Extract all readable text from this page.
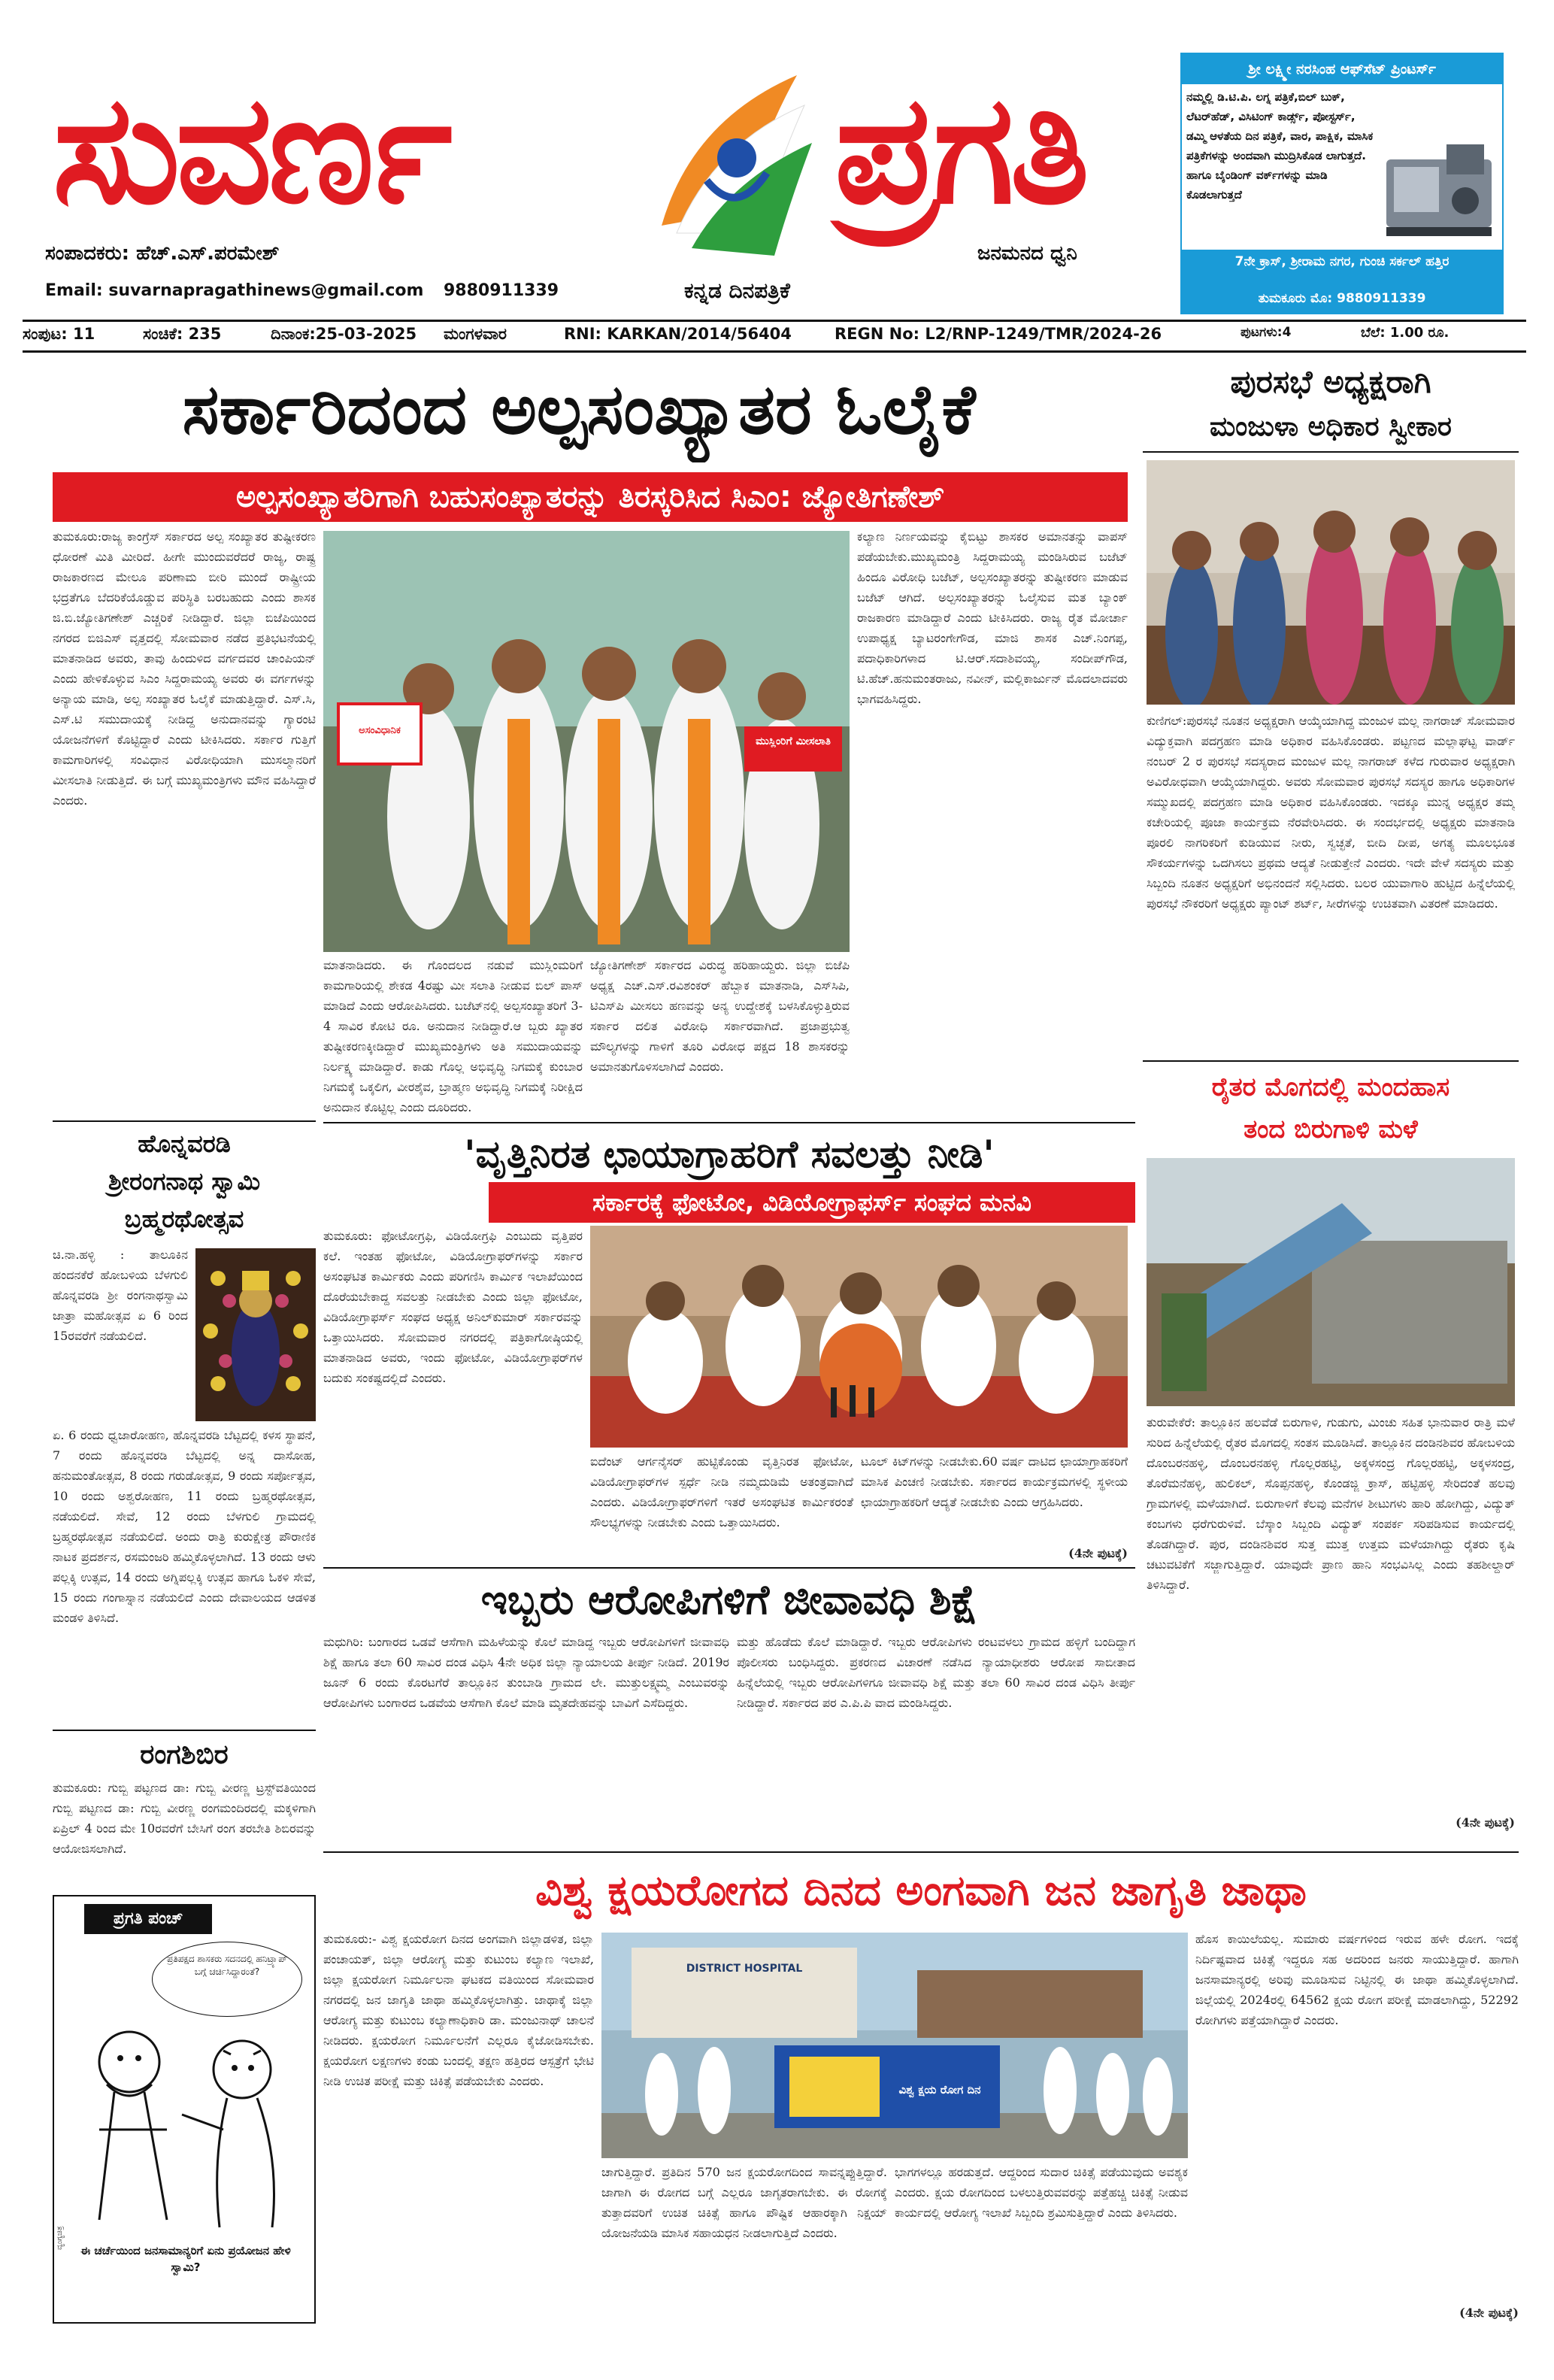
ಸುವರ್ಣ	ಪ್ರಗತಿ
ಸಂಪಾದಕರು: ಹೆಚ್.ಎಸ್.ಪರಮೇಶ್	ಜನಮನದ ಧ್ವನಿ
Email: suvarnapragathinews@gmail.com 9880911339	ಕನ್ನಡ ದಿನಪತ್ರಿಕೆ
ಶ್ರೀ ಲಕ್ಷ್ಮೀ ನರಸಿಂಹ ಆಫ್‌ಸೆಟ್ ಪ್ರಿಂಟರ್ಸ್
ನಮ್ಮಲ್ಲಿ ಡಿ.ಟಿ.ಪಿ. ಲಗ್ನ ಪತ್ರಿಕೆ,ಬಿಲ್ ಬುಕ್, ಲೆಟರ್‌ಹೆಡ್, ವಿಸಿಟಿಂಗ್ ಕಾರ್ಡ್ಸ್, ಪೋಸ್ಟರ್ಸ್, ಡಮ್ಮಿ ಆಳತೆಯ ದಿನ ಪತ್ರಿಕೆ, ವಾರ, ಪಾಕ್ಷಿಕ, ಮಾಸಿಕ ಪತ್ರಿಕೆಗಳನ್ನು ಅಂದವಾಗಿ ಮುದ್ರಿಸಿಕೊಡ ಲಾಗುತ್ತದೆ. ಹಾಗೂ ಬೈಂಡಿಂಗ್ ವರ್ಕ್‌ಗಳನ್ನು ಮಾಡಿ ಕೊಡಲಾಗುತ್ತದೆ
7ನೇ ಕ್ರಾಸ್, ಶ್ರೀರಾಮ ನಗರ, ಗುಂಚಿ ಸರ್ಕಲ್ ಹತ್ತಿರ
ತುಮಕೂರು ಮೊ: 9880911339
ಸಂಪುಟ: 11	ಸಂಚಿಕೆ: 235	ದಿನಾಂಕ:25-03-2025 ಮಂಗಳವಾರ	RNI: KARKAN/2014/56404	REGN No: L2/RNP-1249/TMR/2024-26	ಪುಟಗಳು:4	ಬೆಲೆ: 1.00 ರೂ.
ಸರ್ಕಾರಿದಂದ ಅಲ್ಪಸಂಖ್ಯಾತರ ಓಲೈಕೆ
ಅಲ್ಪಸಂಖ್ಯಾತರಿಗಾಗಿ ಬಹುಸಂಖ್ಯಾತರನ್ನು ತಿರಸ್ಕರಿಸಿದ ಸಿಎಂ: ಜ್ಯೋತಿಗಣೇಶ್
ತುಮಕೂರು:ರಾಜ್ಯ ಕಾಂಗ್ರೆಸ್ ಸರ್ಕಾರದ ಅಲ್ಪ ಸಂಖ್ಯಾತರ ತುಷ್ಟೀಕರಣ ಧೋರಣೆ ಮಿತಿ ಮೀರಿದೆ. ಹೀಗೇ ಮುಂದುವರೆದರೆ ರಾಜ್ಯ, ರಾಷ್ಟ್ರ ರಾಜಕಾರಣದ ಮೇಲೂ ಪರಿಣಾಮ ಬೀರಿ ಮುಂದೆ ರಾಷ್ಟ್ರೀಯ ಭದ್ರತೆಗೂ ಬೆದರಿಕೆಯೊಡ್ಡುವ ಪರಿಸ್ಥಿತಿ ಬರಬಹುದು ಎಂದು ಶಾಸಕ ಜಿ.ಬಿ.ಜ್ಯೋತಿಗಣೇಶ್ ಎಚ್ಚರಿಕೆ ನೀಡಿದ್ದಾರೆ. ಜಿಲ್ಲಾ ಬಿಜೆಪಿಯಿಂದ ನಗರದ ಬಿಜಿಎಸ್ ವೃತ್ತದಲ್ಲಿ ಸೋಮವಾರ ನಡೆದ ಪ್ರತಿಭಟನೆಯಲ್ಲಿ ಮಾತನಾಡಿದ ಅವರು, ತಾವು ಹಿಂದುಳಿದ ವರ್ಗದವರ ಚಾಂಪಿಯನ್ ಎಂದು ಹೇಳಿಕೊಳ್ಳುವ ಸಿಎಂ ಸಿದ್ದರಾಮಯ್ಯ ಅವರು ಈ ವರ್ಗಗಳನ್ನು ಅನ್ಯಾಯ ಮಾಡಿ, ಅಲ್ಪ ಸಂಖ್ಯಾತರ ಓಲೈಕೆ ಮಾಡುತ್ತಿದ್ದಾರೆ. ಎಸ್.ಸಿ, ಎಸ್.ಟಿ ಸಮುದಾಯಕ್ಕೆ ನೀಡಿದ್ದ ಅನುದಾನವನ್ನು ಗ್ಯಾರಂಟಿ ಯೋಜನೆಗಳಿಗೆ ಕೊಟ್ಟಿದ್ದಾರೆ ಎಂದು ಟೀಕಿಸಿದರು. ಸರ್ಕಾರ ಗುತ್ತಿಗೆ ಕಾಮಗಾರಿಗಳಲ್ಲಿ ಸಂವಿಧಾನ ವಿರೋಧಿಯಾಗಿ ಮುಸಲ್ಮಾನರಿಗೆ ಮೀಸಲಾತಿ ನೀಡುತ್ತಿದೆ. ಈ ಬಗ್ಗೆ ಮುಖ್ಯಮಂತ್ರಿಗಳು ಮೌನ ವಹಿಸಿದ್ದಾರೆ ಎಂದರು.
ಮುಸ್ಲಿಂರಿಗೆ ಮೀಸಲಾತಿ
ಅಸಂವಿಧಾನಿಕ
ಮಾತನಾಡಿದರು. ಈ ಗೊಂದಲದ ನಡುವೆ ಮುಸ್ಲಿಂಮರಿಗೆ ಕಾಮಗಾರಿಯಲ್ಲಿ ಶೇಕಡ 4ರಷ್ಟು ಮೀ ಸಲಾತಿ ನೀಡುವ ಬಿಲ್ ಪಾಸ್ ಮಾಡಿದೆ ಎಂದು ಆರೋಪಿಸಿದರು. ಬಜೆಟ್‌ನಲ್ಲಿ ಅಲ್ಪಸಂಖ್ಯಾತರಿಗೆ 3-4 ಸಾವಿರ ಕೋಟಿ ರೂ. ಅನುದಾನ ನೀಡಿದ್ದಾರೆ.ಆ ಬ್ಬರು ಖ್ಯಾತರ ತುಷ್ಟೀಕರಣಕ್ಕೀಡಿದ್ದಾರೆ ಮುಖ್ಯಮಂತ್ರಿಗಳು ಅತಿ ಸಮುದಾಯವನ್ನು ನಿರ್ಲಕ್ಷ್ಯ ಮಾಡಿದ್ದಾರೆ. ಕಾಡು ಗೊಲ್ಲ ಅಭಿವೃದ್ಧಿ ನಿಗಮಕ್ಕೆ ಕುಂಬಾರ ನಿಗಮಕ್ಕೆ ಒಕ್ಕಲಿಗ, ವೀರಶೈವ, ಬ್ರಾಹ್ಮಣ ಅಭಿವೃದ್ಧಿ ನಿಗಮಕ್ಕೆ ನಿರೀಕ್ಷಿದ ಅನುದಾನ ಕೊಟ್ಟಿಲ್ಲ ಎಂದು ದೂರಿದರು.
ಜ್ಯೋತಿಗಣೇಶ್ ಸರ್ಕಾರದ ವಿರುದ್ಧ ಹರಿಹಾಯ್ದರು. ಜಿಲ್ಲಾ ಬಿಜೆಪಿ ಅಧ್ಯಕ್ಷ ಎಚ್.ಎಸ್.ರವಿಶಂಕರ್ ಹೆಬ್ಬಾಕ ಮಾತನಾಡಿ, ಎಸ್‌ಸಿಪಿ, ಟಿಎಸ್‌ಪಿ ಮೀಸಲು ಹಣವನ್ನು ಅನ್ಯ ಉದ್ದೇಶಕ್ಕೆ ಬಳಸಿಕೊಳ್ಳುತ್ತಿರುವ ಸರ್ಕಾರ ದಲಿತ ವಿರೋಧಿ ಸರ್ಕಾರವಾಗಿದೆ. ಪ್ರಜಾಪ್ರಭುತ್ವ ಮೌಲ್ಯಗಳನ್ನು ಗಾಳಿಗೆ ತೂರಿ ವಿರೋಧ ಪಕ್ಷದ 18 ಶಾಸಕರನ್ನು ಅಮಾನತುಗೊಳಿಸಲಾಗಿದೆ ಎಂದರು.
ಕಲ್ಯಾಣ ನಿರ್ಣಯವನ್ನು ಕೈಬಿಟ್ಟು ಶಾಸಕರ ಅಮಾನತನ್ನು ವಾಪಸ್ ಪಡೆಯಬೇಕು.ಮುಖ್ಯಮಂತ್ರಿ ಸಿದ್ದರಾಮಯ್ಯ ಮಂಡಿಸಿರುವ ಬಜೆಟ್ ಹಿಂದೂ ವಿರೋಧಿ ಬಜೆಟ್, ಅಲ್ಪಸಂಖ್ಯಾತರನ್ನು ತುಷ್ಟೀಕರಣ ಮಾಡುವ ಬಜೆಟ್ ಆಗಿದೆ. ಅಲ್ಪಸಂಖ್ಯಾತರನ್ನು ಓಲೈಸುವ ಮತ ಬ್ಯಾಂಕ್ ರಾಜಕಾರಣ ಮಾಡಿದ್ದಾರೆ ಎಂದು ಟೀಕಿಸಿದರು. ರಾಜ್ಯ ರೈತ ಮೋರ್ಚಾ ಉಪಾಧ್ಯಕ್ಷ ಬ್ಯಾಟರಂಗೇಗೌಡ, ಮಾಜಿ ಶಾಸಕ ಎಚ್.ನಿಂಗಪ್ಪ, ಪದಾಧಿಕಾರಿಗಳಾದ ಟಿ.ಆರ್.ಸದಾಶಿವಯ್ಯ, ಸಂದೀಪ್‌ಗೌಡ, ಟಿ.ಹೆಚ್.ಹನುಮಂತರಾಜು, ನವೀನ್, ಮಲ್ಲಿಕಾರ್ಜುನ್ ಮೊದಲಾದವರು ಭಾಗವಹಿಸಿದ್ದರು.
ಪುರಸಭೆ ಅಧ್ಯಕ್ಷರಾಗಿ
ಮಂಜುಳಾ ಅಧಿಕಾರ ಸ್ವೀಕಾರ
ಕುಣಿಗಲ್:ಪುರಸಭೆ ನೂತನ ಅಧ್ಯಕ್ಷರಾಗಿ ಆಯ್ಕೆಯಾಗಿದ್ದ ಮಂಜುಳ ಮಲ್ಲ ನಾಗರಾಜ್ ಸೋಮವಾರ ವಿದ್ಯುಕ್ತವಾಗಿ ಪದಗ್ರಹಣ ಮಾಡಿ ಅಧಿಕಾರ ವಹಿಸಿಕೊಂಡರು. ಪಟ್ಟಣದ ಮಲ್ಲಾಘಟ್ಟ ವಾರ್ಡ್ ನಂಬರ್ 2 ರ ಪುರಸಭೆ ಸದಸ್ಯರಾದ ಮಂಜುಳ ಮಲ್ಲ ನಾಗರಾಜ್ ಕಳೆದ ಗುರುವಾರ ಅಧ್ಯಕ್ಷರಾಗಿ ಅವಿರೋಧವಾಗಿ ಆಯ್ಕೆಯಾಗಿದ್ದರು. ಅವರು ಸೋಮವಾರ ಪುರಸಭೆ ಸದಸ್ಯರ ಹಾಗೂ ಅಧಿಕಾರಿಗಳ ಸಮ್ಮುಖದಲ್ಲಿ ಪದಗ್ರಹಣ ಮಾಡಿ ಅಧಿಕಾರ ವಹಿಸಿಕೊಂಡರು. ಇದಕ್ಕೂ ಮುನ್ನ ಅಧ್ಯಕ್ಷರ ತಮ್ಮ ಕಚೇರಿಯಲ್ಲಿ ಪೂಜಾ ಕಾರ್ಯಕ್ರಮ ನೆರವೇರಿಸಿದರು. ಈ ಸಂದರ್ಭದಲ್ಲಿ ಅಧ್ಯಕ್ಷರು ಮಾತನಾಡಿ ಪೂರಲಿ ನಾಗರಿಕರಿಗೆ ಕುಡಿಯುವ ನೀರು, ಸ್ವಚ್ಛತೆ, ಬೀದಿ ದೀಪ, ಅಗತ್ಯ ಮೂಲಭೂತ ಸೌಕರ್ಯಗಳನ್ನು ಒದಗಿಸಲು ಪ್ರಥಮ ಆದ್ಯತೆ ನೀಡುತ್ತೇನೆ ಎಂದರು. ಇದೇ ವೇಳೆ ಸದಸ್ಯರು ಮತ್ತು ಸಿಬ್ಬಂದಿ ನೂತನ ಅಧ್ಯಕ್ಷರಿಗೆ ಅಭಿನಂದನೆ ಸಲ್ಲಿಸಿದರು. ಬಲರ ಯುವಾಗಾರಿ ಹುಟ್ಟಿದ ಹಿನ್ನೆಲೆಯಲ್ಲಿ ಪುರಸಭೆ ನೌಕರರಿಗೆ ಅಧ್ಯಕ್ಷರು ಪ್ಯಾಂಟ್ ಶರ್ಟ್, ಸೀರೆಗಳನ್ನು ಉಚಿತವಾಗಿ ವಿತರಣೆ ಮಾಡಿದರು.
ರೈತರ ಮೊಗದಲ್ಲಿ ಮಂದಹಾಸ
ತಂದ ಬಿರುಗಾಳಿ ಮಳೆ
ತುರುವೇಕೆರೆ: ತಾಲ್ಲೂಕಿನ ಹಲವೆಡೆ ಬಿರುಗಾಳಿ, ಗುಡುಗು, ಮಿಂಚು ಸಹಿತ ಭಾನುವಾರ ರಾತ್ರಿ ಮಳೆ ಸುರಿದ ಹಿನ್ನೆಲೆಯಲ್ಲಿ ರೈತರ ಮೊಗದಲ್ಲಿ ಸಂತಸ ಮೂಡಿಸಿದೆ. ತಾಲ್ಲೂಕಿನ ದಂಡಿನಶಿವರ ಹೋಬಳಿಯ ದೊಂಬರನಹಳ್ಳಿ, ದೊಂಬರನಹಳ್ಳಿ ಗೊಲ್ಲರಹಟ್ಟಿ, ಅಕ್ಕಳಸಂದ್ರ ಗೊಲ್ಲರಹಟ್ಟಿ, ಅಕ್ಕಳಸಂದ್ರ, ತೊರೆಮನೆಹಳ್ಳಿ, ಹುಲಿಕಲ್, ಸೊಪ್ಪನಹಳ್ಳಿ, ಕೊಂಡಜ್ಜಿ ಕ್ರಾಸ್, ಹಟ್ಟಿಹಳ್ಳಿ ಸೇರಿದಂತೆ ಹಲವು ಗ್ರಾಮಗಳಲ್ಲಿ ಮಳೆಯಾಗಿದೆ. ಬಿರುಗಾಳಿಗೆ ಕೆಲವು ಮನೆಗಳ ಶೀಟುಗಳು ಹಾರಿ ಹೋಗಿದ್ದು, ವಿದ್ಯುತ್ ಕಂಬಗಳು ಧರೆಗುರುಳಿವೆ. ಬೆಸ್ಕಾಂ ಸಿಬ್ಬಂದಿ ವಿದ್ಯುತ್ ಸಂಪರ್ಕ ಸರಿಪಡಿಸುವ ಕಾರ್ಯದಲ್ಲಿ ತೊಡಗಿದ್ದಾರೆ. ಪುರ, ದಂಡಿನಶಿವರ ಸುತ್ತ ಮುತ್ತ ಉತ್ತಮ ಮಳೆಯಾಗಿದ್ದು ರೈತರು ಕೃಷಿ ಚಟುವಟಿಕೆಗೆ ಸಜ್ಜಾಗುತ್ತಿದ್ದಾರೆ. ಯಾವುದೇ ಪ್ರಾಣ ಹಾನಿ ಸಂಭವಿಸಿಲ್ಲ ಎಂದು ತಹಶೀಲ್ದಾರ್ ತಿಳಿಸಿದ್ದಾರೆ.
(4ನೇ ಪುಟಕ್ಕೆ)
ಹೊನ್ನವರಡಿ
ಶ್ರೀರಂಗನಾಥ ಸ್ವಾಮಿ
ಬ್ರಹ್ಮರಥೋತ್ಸವ
ಚಿ.ನಾ.ಹಳ್ಳಿ : ತಾಲೂಕಿನ ಹಂದನಕೆರೆ ಹೋಬಳಿಯ ಬೆಳಗುಲಿ ಹೊನ್ನವರಡಿ ಶ್ರೀ ರಂಗನಾಥಸ್ವಾಮಿ ಜಾತ್ರಾ ಮಹೋತ್ಸವ ಏ 6 ರಿಂದ 15ರವರೆಗೆ ನಡೆಯಲಿದೆ.
ಏ. 6 ರಂದು ಧ್ವಜಾರೋಹಣ, ಹೊನ್ನವರಡಿ ಬೆಟ್ಟದಲ್ಲಿ ಕಳಸ ಸ್ಥಾಪನೆ, 7 ರಂದು ಹೊನ್ನವರಡಿ ಬೆಟ್ಟದಲ್ಲಿ ಅನ್ನ ದಾಸೋಹ, ಹನುಮಂತೋತ್ಸವ, 8 ರಂದು ಗರುಡೋತ್ಸವ, 9 ರಂದು ಸರ್ಪೋತ್ಸವ, 10 ರಂದು ಅಶ್ವರೋಹಣ, 11 ರಂದು ಬ್ರಹ್ಮರಥೋತ್ಸವ, ನಡೆಯಲಿದೆ. ಸೇವೆ, 12 ರಂದು ಬೆಳಗುಲಿ ಗ್ರಾಮದಲ್ಲಿ ಬ್ರಹ್ಮರಥೋತ್ಸವ ನಡೆಯಲಿದೆ. ಅಂದು ರಾತ್ರಿ ಕುರುಕ್ಷೇತ್ರ ಪೌರಾಣಿಕ ನಾಟಕ ಪ್ರದರ್ಶನ, ರಸಮಂಜರಿ ಹಮ್ಮಿಕೊಳ್ಳಲಾಗಿದೆ. 13 ರಂದು ಆಳು ಪಲ್ಲಕ್ಕಿ ಉತ್ಸವ, 14 ರಂದು ಅಗ್ನಿಪಲ್ಲಕ್ಕಿ ಉತ್ಸವ ಹಾಗೂ ಓಕಳಿ ಸೇವೆ, 15 ರಂದು ಗಂಗಾಸ್ನಾನ ನಡೆಯಲಿದೆ ಎಂದು ದೇವಾಲಯದ ಆಡಳಿತ ಮಂಡಳಿ ತಿಳಿಸಿದೆ.
ರಂಗಶಿಬಿರ
ತುಮಕೂರು: ಗುಬ್ಬಿ ಪಟ್ಟಣದ ಡಾ: ಗುಬ್ಬಿ ವೀರಣ್ಣ ಟ್ರಸ್ಟ್‌ವತಿಯಿಂದ ಗುಬ್ಬಿ ಪಟ್ಟಣದ ಡಾ: ಗುಬ್ಬಿ ವೀರಣ್ಣ ರಂಗಮಂದಿರದಲ್ಲಿ ಮಕ್ಕಳಿಗಾಗಿ ಏಪ್ರಿಲ್ 4 ರಿಂದ ಮೇ 10ರವರೆಗೆ ಬೇಸಿಗೆ ರಂಗ ತರಬೇತಿ ಶಿಬಿರವನ್ನು ಆಯೋಜಿಸಲಾಗಿದೆ.
ಪ್ರಗತಿ ಪಂಚ್
ಪ್ರತಿಪಕ್ಷದ ಶಾಸಕರು ಸದನದಲ್ಲಿ ಹನಿಟ್ರ್ಯಾಪ್ ಬಗ್ಗೆ ಚರ್ಚಿಸಿದ್ದಾರಂತೆ?
ವ್ಯಂಗ್ಯಚಿತ್ರ
ಈ ಚರ್ಚೆಯಿಂದ ಜನಸಾಮಾನ್ಯರಿಗೆ ಏನು ಪ್ರಯೋಜನ ಹೇಳಿ ಸ್ವಾಮಿ?
'ವೃತ್ತಿನಿರತ ಛಾಯಾಗ್ರಾಹರಿಗೆ ಸವಲತ್ತು ನೀಡಿ'
ಸರ್ಕಾರಕ್ಕೆ ಫೋಟೋ, ವಿಡಿಯೋಗ್ರಾಫರ್ಸ್ ಸಂಘದ ಮನವಿ
ತುಮಕೂರು: ಫೋಟೋಗ್ರಫಿ, ವಿಡಿಯೋಗ್ರಫಿ ಎಂಬುದು ವೃತ್ತಿಪರ ಕಲೆ. ಇಂತಹ ಫೋಟೋ, ವಿಡಿಯೋಗ್ರಾಫರ್‌ಗಳನ್ನು ಸರ್ಕಾರ ಅಸಂಘಟಿತ ಕಾರ್ಮಿಕರು ಎಂದು ಪರಿಗಣಿಸಿ ಕಾರ್ಮಿಕ ಇಲಾಖೆಯಿಂದ ದೊರೆಯಬೇಕಾದ್ದ ಸವಲತ್ತು ನೀಡಬೇಕು ಎಂದು ಜಿಲ್ಲಾ ಫೋಟೋ, ವಿಡಿಯೋಗ್ರಾಫರ್ಸ್ ಸಂಘದ ಅಧ್ಯಕ್ಷ ಅನಿಲ್‌ಕುಮಾರ್ ಸರ್ಕಾರವನ್ನು ಒತ್ತಾಯಿಸಿದರು. ಸೋಮವಾರ ನಗರದಲ್ಲಿ ಪತ್ರಿಕಾಗೋಷ್ಠಿಯಲ್ಲಿ ಮಾತನಾಡಿದ ಅವರು, ಇಂದು ಫೋಟೋ, ವಿಡಿಯೋಗ್ರಾಫರ್‌ಗಳ ಬದುಕು ಸಂಕಷ್ಟದಲ್ಲಿದೆ ಎಂದರು.
ಐದೆಂಟ್ ಆರ್ಗನೈಸರ್ ಹುಟ್ಟಿಕೊಂಡು ವೃತ್ತಿನಿರತ ಫೋಟೋ, ವಿಡಿಯೋಗ್ರಾಫರ್‌ಗಳ ಸ್ಪರ್ಧೆ ನೀಡಿ ನಮ್ಮದುಡಿಮೆ ಅತಂತ್ರವಾಗಿದೆ ಎಂದರು. ವಿಡಿಯೋಗ್ರಾಫರ್‌ಗಳಿಗೆ ಇತರೆ ಅಸಂಘಟಿತ ಕಾರ್ಮಿಕರಂತೆ ಸೌಲಭ್ಯಗಳನ್ನು ನೀಡಬೇಕು ಎಂದು ಒತ್ತಾಯಿಸಿದರು.
ಟೂಲ್ ಕಿಟ್‌ಗಳನ್ನು ನೀಡಬೇಕು.60 ವರ್ಷ ದಾಟಿದ ಛಾಯಾಗ್ರಾಹಕರಿಗೆ ಮಾಸಿಕ ಪಿಂಚಣಿ ನೀಡಬೇಕು. ಸರ್ಕಾರದ ಕಾರ್ಯಕ್ರಮಗಳಲ್ಲಿ ಸ್ಥಳೀಯ ಛಾಯಾಗ್ರಾಹಕರಿಗೆ ಆದ್ಯತೆ ನೀಡಬೇಕು ಎಂದು ಆಗ್ರಹಿಸಿದರು.
(4ನೇ ಪುಟಕ್ಕೆ)
ಇಬ್ಬರು ಆರೋಪಿಗಳಿಗೆ ಜೀವಾವಧಿ ಶಿಕ್ಷೆ
ಮಧುಗಿರಿ: ಬಂಗಾರದ ಒಡವೆ ಆಸೆಗಾಗಿ ಮಹಿಳೆಯನ್ನು ಕೊಲೆ ಮಾಡಿದ್ದ ಇಬ್ಬರು ಆರೋಪಿಗಳಿಗೆ ಜೀವಾವಧಿ ಶಿಕ್ಷೆ ಹಾಗೂ ತಲಾ 60 ಸಾವಿರ ದಂಡ ವಿಧಿಸಿ 4ನೇ ಅಧಿಕ ಜಿಲ್ಲಾ ನ್ಯಾಯಾಲಯ ತೀರ್ಪು ನೀಡಿದೆ. 2019ರ ಜೂನ್ 6 ರಂದು ಕೊರಟಗೆರೆ ತಾಲ್ಲೂಕಿನ ತುಂಬಾಡಿ ಗ್ರಾಮದ ಲೇ. ಮುತ್ತುಲಕ್ಷ್ಮಮ್ಮ ಎಂಬುವರನ್ನು ಆರೋಪಿಗಳು ಬಂಗಾರದ ಒಡವೆಯ ಆಸೆಗಾಗಿ ಕೊಲೆ ಮಾಡಿ ಮೃತದೇಹವನ್ನು ಬಾವಿಗೆ ಎಸೆದಿದ್ದರು.
ಮತ್ತು ಹೊಡೆದು ಕೊಲೆ ಮಾಡಿದ್ದಾರೆ. ಇಬ್ಬರು ಆರೋಪಿಗಳು ರಂಟವಳಲು ಗ್ರಾಮದ ಹಳ್ಳಿಗೆ ಬಂದಿದ್ದಾಗ ಪೊಲೀಸರು ಬಂಧಿಸಿದ್ದರು. ಪ್ರಕರಣದ ವಿಚಾರಣೆ ನಡೆಸಿದ ನ್ಯಾಯಾಧೀಶರು ಆರೋಪ ಸಾಬೀತಾದ ಹಿನ್ನೆಲೆಯಲ್ಲಿ ಇಬ್ಬರು ಆರೋಪಿಗಳಿಗೂ ಜೀವಾವಧಿ ಶಿಕ್ಷೆ ಮತ್ತು ತಲಾ 60 ಸಾವಿರ ದಂಡ ವಿಧಿಸಿ ತೀರ್ಪು ನೀಡಿದ್ದಾರೆ. ಸರ್ಕಾರದ ಪರ ಎ.ಪಿ.ಪಿ ವಾದ ಮಂಡಿಸಿದ್ದರು.
ವಿಶ್ವ ಕ್ಷಯರೋಗದ ದಿನದ ಅಂಗವಾಗಿ ಜನ ಜಾಗೃತಿ ಜಾಥಾ
ತುಮಕೂರು:- ವಿಶ್ವ ಕ್ಷಯರೋಗ ದಿನದ ಅಂಗವಾಗಿ ಜಿಲ್ಲಾಡಳಿತ, ಜಿಲ್ಲಾ ಪಂಚಾಯತ್, ಜಿಲ್ಲಾ ಆರೋಗ್ಯ ಮತ್ತು ಕುಟುಂಬ ಕಲ್ಯಾಣ ಇಲಾಖೆ, ಜಿಲ್ಲಾ ಕ್ಷಯರೋಗ ನಿರ್ಮೂಲನಾ ಘಟಕದ ವತಿಯಿಂದ ಸೋಮವಾರ ನಗರದಲ್ಲಿ ಜನ ಜಾಗೃತಿ ಜಾಥಾ ಹಮ್ಮಿಕೊಳ್ಳಲಾಗಿತ್ತು. ಜಾಥಾಕ್ಕೆ ಜಿಲ್ಲಾ ಆರೋಗ್ಯ ಮತ್ತು ಕುಟುಂಬ ಕಲ್ಯಾಣಾಧಿಕಾರಿ ಡಾ. ಮಂಜುನಾಥ್ ಚಾಲನೆ ನೀಡಿದರು. ಕ್ಷಯರೋಗ ನಿರ್ಮೂಲನೆಗೆ ಎಲ್ಲರೂ ಕೈಜೋಡಿಸಬೇಕು. ಕ್ಷಯರೋಗ ಲಕ್ಷಣಗಳು ಕಂಡು ಬಂದಲ್ಲಿ ತಕ್ಷಣ ಹತ್ತಿರದ ಆಸ್ಪತ್ರೆಗೆ ಭೇಟಿ ನೀಡಿ ಉಚಿತ ಪರೀಕ್ಷೆ ಮತ್ತು ಚಿಕಿತ್ಸೆ ಪಡೆಯಬೇಕು ಎಂದರು.
DISTRICT HOSPITAL
ವಿಶ್ವ ಕ್ಷಯ ರೋಗ ದಿನ
ಚಾಗುತ್ತಿದ್ದಾರೆ. ಪ್ರತಿದಿನ 570 ಜನ ಕ್ಷಯರೋಗದಿಂದ ಸಾವನ್ನಪ್ಪುತ್ತಿದ್ದಾರೆ. ಜಾಗಾಗಿ ಈ ರೋಗದ ಬಗ್ಗೆ ಎಲ್ಲರೂ ಜಾಗೃತರಾಗಬೇಕು. ಈ ರೋಗಕ್ಕೆ ತುತ್ತಾದವರಿಗೆ ಉಚಿತ ಚಿಕಿತ್ಸೆ ಹಾಗೂ ಪೌಷ್ಟಿಕ ಆಹಾರಕ್ಕಾಗಿ ನಿಕ್ಷಯ್ ಯೋಜನೆಯಡಿ ಮಾಸಿಕ ಸಹಾಯಧನ ನೀಡಲಾಗುತ್ತಿದೆ ಎಂದರು.
ಭಾಗಗಳಲ್ಲೂ ಹರಡುತ್ತದೆ. ಆದ್ದರಿಂದ ಸುದಾರ ಚಿಕಿತ್ಸೆ ಪಡೆಯುವುದು ಅವಶ್ಯಕ ಎಂದರು. ಕ್ಷಯ ರೋಗದಿಂದ ಬಳಲುತ್ತಿರುವವರನ್ನು ಪತ್ತೆಹಚ್ಚಿ ಚಿಕಿತ್ಸೆ ನೀಡುವ ಕಾರ್ಯದಲ್ಲಿ ಆರೋಗ್ಯ ಇಲಾಖೆ ಸಿಬ್ಬಂದಿ ಶ್ರಮಿಸುತ್ತಿದ್ದಾರೆ ಎಂದು ತಿಳಿಸಿದರು.
ಹೊಸ ಕಾಯಿಲೆಯಲ್ಲ. ಸುಮಾರು ವರ್ಷಗಳಿಂದ ಇರುವ ಹಳೇ ರೋಗ. ಇದಕ್ಕೆ ನಿರ್ದಿಷ್ಟವಾದ ಚಿಕಿತ್ಸೆ ಇದ್ದರೂ ಸಹ ಅದರಿಂದ ಜನರು ಸಾಯುತ್ತಿದ್ದಾರೆ. ಹಾಗಾಗಿ ಜನಸಾಮಾನ್ಯರಲ್ಲಿ ಅರಿವು ಮೂಡಿಸುವ ನಿಟ್ಟಿನಲ್ಲಿ ಈ ಜಾಥಾ ಹಮ್ಮಿಕೊಳ್ಳಲಾಗಿದೆ. ಜಿಲ್ಲೆಯಲ್ಲಿ 2024ರಲ್ಲಿ 64562 ಕ್ಷಯ ರೋಗ ಪರೀಕ್ಷೆ ಮಾಡಲಾಗಿದ್ದು, 52292 ರೋಗಿಗಳು ಪತ್ತೆಯಾಗಿದ್ದಾರೆ ಎಂದರು.
(4ನೇ ಪುಟಕ್ಕೆ)
